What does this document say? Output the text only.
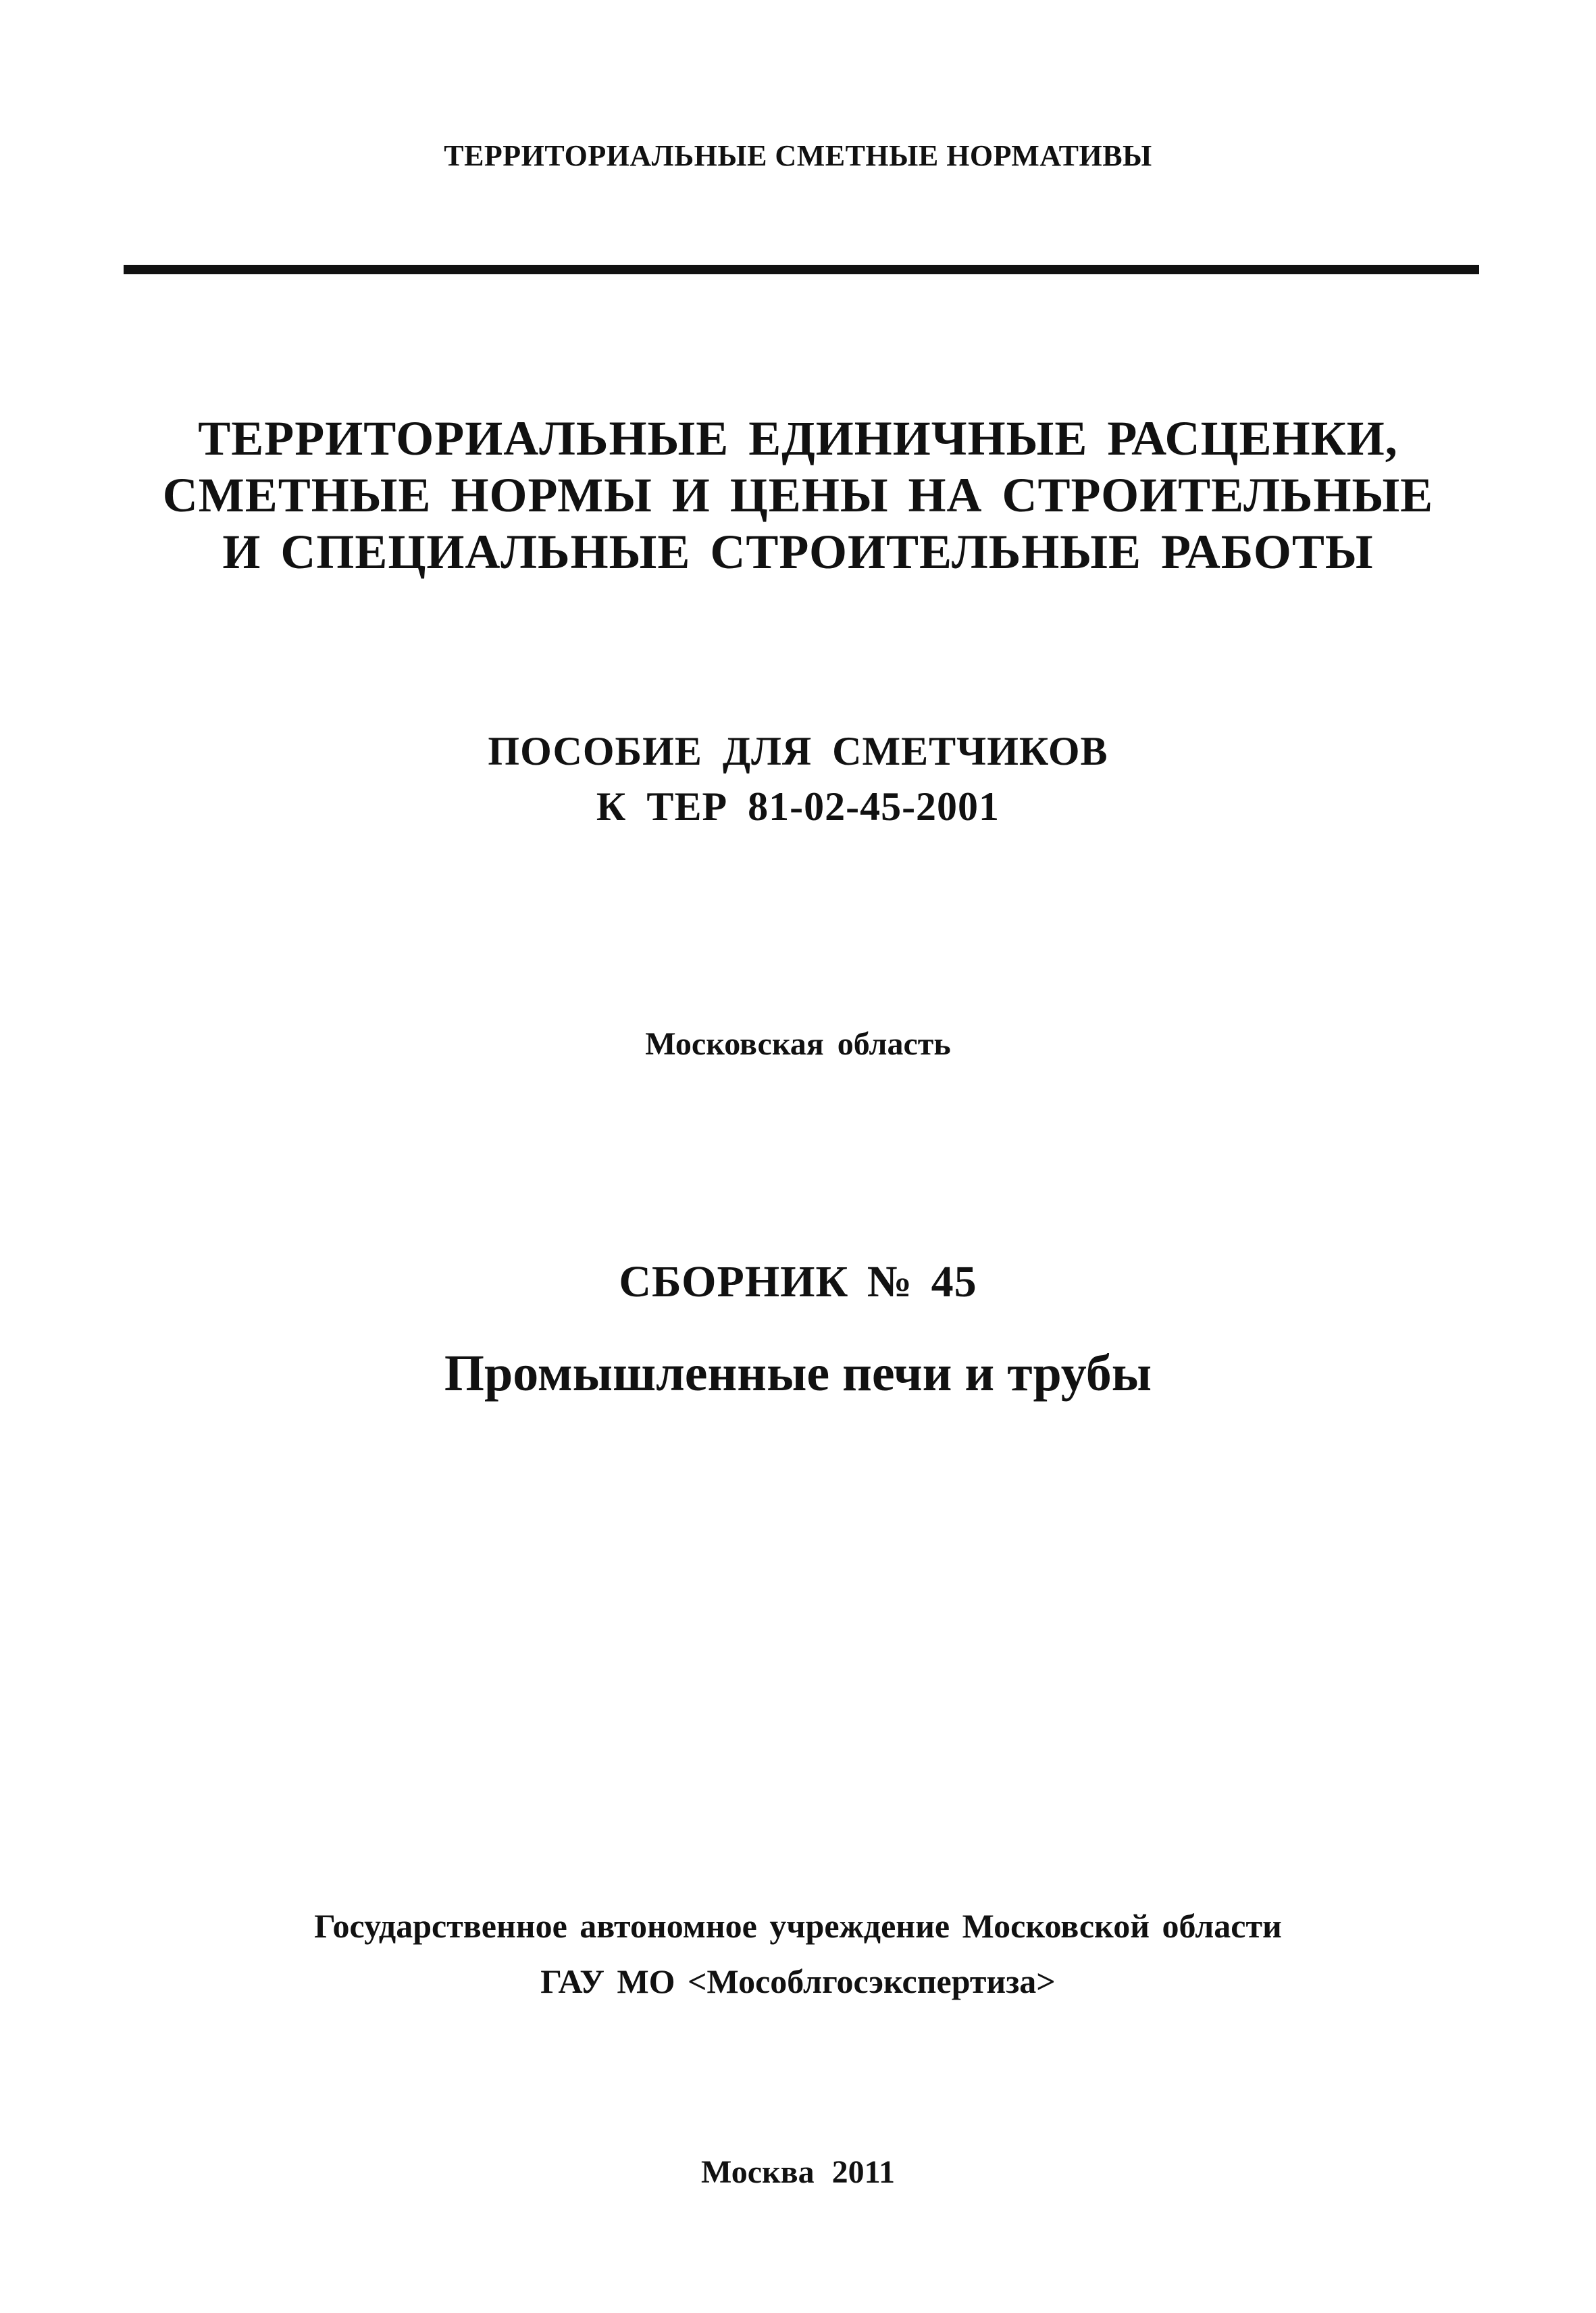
ТЕРРИТОРИАЛЬНЫЕ СМЕТНЫЕ НОРМАТИВЫ
ТЕРРИТОРИАЛЬНЫЕ ЕДИНИЧНЫЕ РАСЦЕНКИ,
СМЕТНЫЕ НОРМЫ И ЦЕНЫ НА СТРОИТЕЛЬНЫЕ
И СПЕЦИАЛЬНЫЕ СТРОИТЕЛЬНЫЕ РАБОТЫ
ПОСОБИЕ ДЛЯ СМЕТЧИКОВ
К ТЕР 81-02-45-2001
Московская область
СБОРНИК № 45
Промышленные печи и трубы
Государственное автономное учреждение Московской области
ГАУ МО <Мособлгосэкспертиза>
Москва 2011
